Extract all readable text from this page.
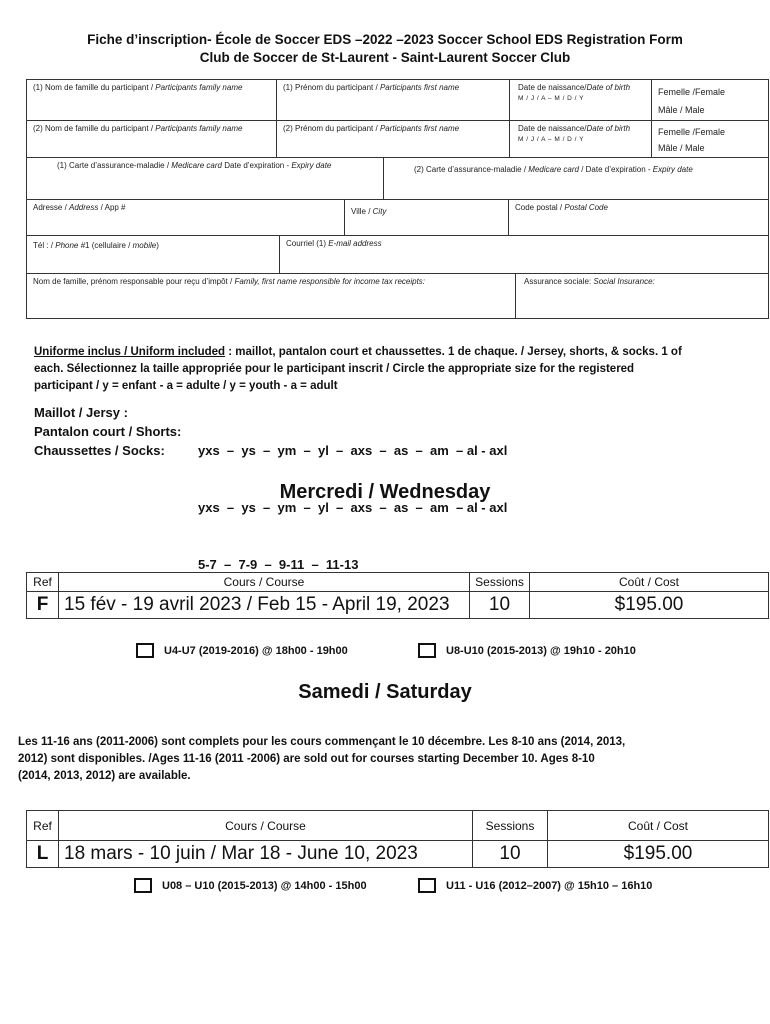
Fiche d’inscription- École de Soccer EDS –2022 –2023 Soccer School EDS Registration Form
Club de Soccer de St-Laurent - Saint-Laurent Soccer Club
(1) Nom de famille du participant / Participants family name	(1) Prénom du participant / Participants first name	Date de naissance/Date of birth
M / J / A – M / D / Y
Femelle /Female
Mâle / Male
(2) Nom de famille du participant / Participants family name	(2) Prénom du participant / Participants first name	Date de naissance/Date of birth
M / J / A – M / D / Y
Femelle /Female
Mâle / Male
(1) Carte d’assurance-maladie / Medicare card Date d’expiration - Expiry date	(2) Carte d’assurance-maladie / Medicare card / Date d’expiration - Expiry date
Adresse / Address / App #	Ville / City	Code postal / Postal Code
Tél : / Phone #1 (cellulaire / mobile)	Courriel (1) E-mail address
Nom de famille, prénom responsable pour reçu d’impôt / Family, first name responsible for income tax receipts:	Assurance sociale: Social Insurance:
Uniforme inclus / Uniform included : maillot, pantalon court et chaussettes. 1 de chaque. / Jersey, shorts, & socks. 1 of
each. Sélectionnez la taille appropriée pour le participant inscrit / Circle the appropriate size for the registered
participant / y = enfant - a = adulte / y = youth - a = adult
Maillot / Jersy :
Pantalon court / Shorts:
Chaussettes / Socks:

	yxs  –  ys  –  ym  –  yl  –  axs  –  as  –  am  – al - axl

yxs  –  ys  –  ym  –  yl  –  axs  –  as  –  am  – al - axl

5-7  –  7-9  –  9-11  –  11-13

Mercredi / Wednesday
Ref	Cours / Course	Sessions	Coût / Cost
F	15 fév - 19 avril 2023 / Feb 15 - April 19, 2023	10	$195.00
U4-U7 (2019-2016) @ 18h00 - 19h00	U8-U10 (2015-2013) @ 19h10 - 20h10
Samedi / Saturday
Les 11-16 ans (2011-2006) sont complets pour les cours commençant le 10 décembre. Les 8-10 ans (2014, 2013,
2012) sont disponibles. /Ages 11-16 (2011 -2006) are sold out for courses starting December 10. Ages 8-10
(2014, 2013, 2012) are available.
Ref	Cours / Course	Sessions	Coût / Cost
L	18 mars - 10 juin / Mar 18 - June 10, 2023	10	$195.00
U08 – U10 (2015-2013) @ 14h00 - 15h00	U11 - U16 (2012–2007) @ 15h10 – 16h10
